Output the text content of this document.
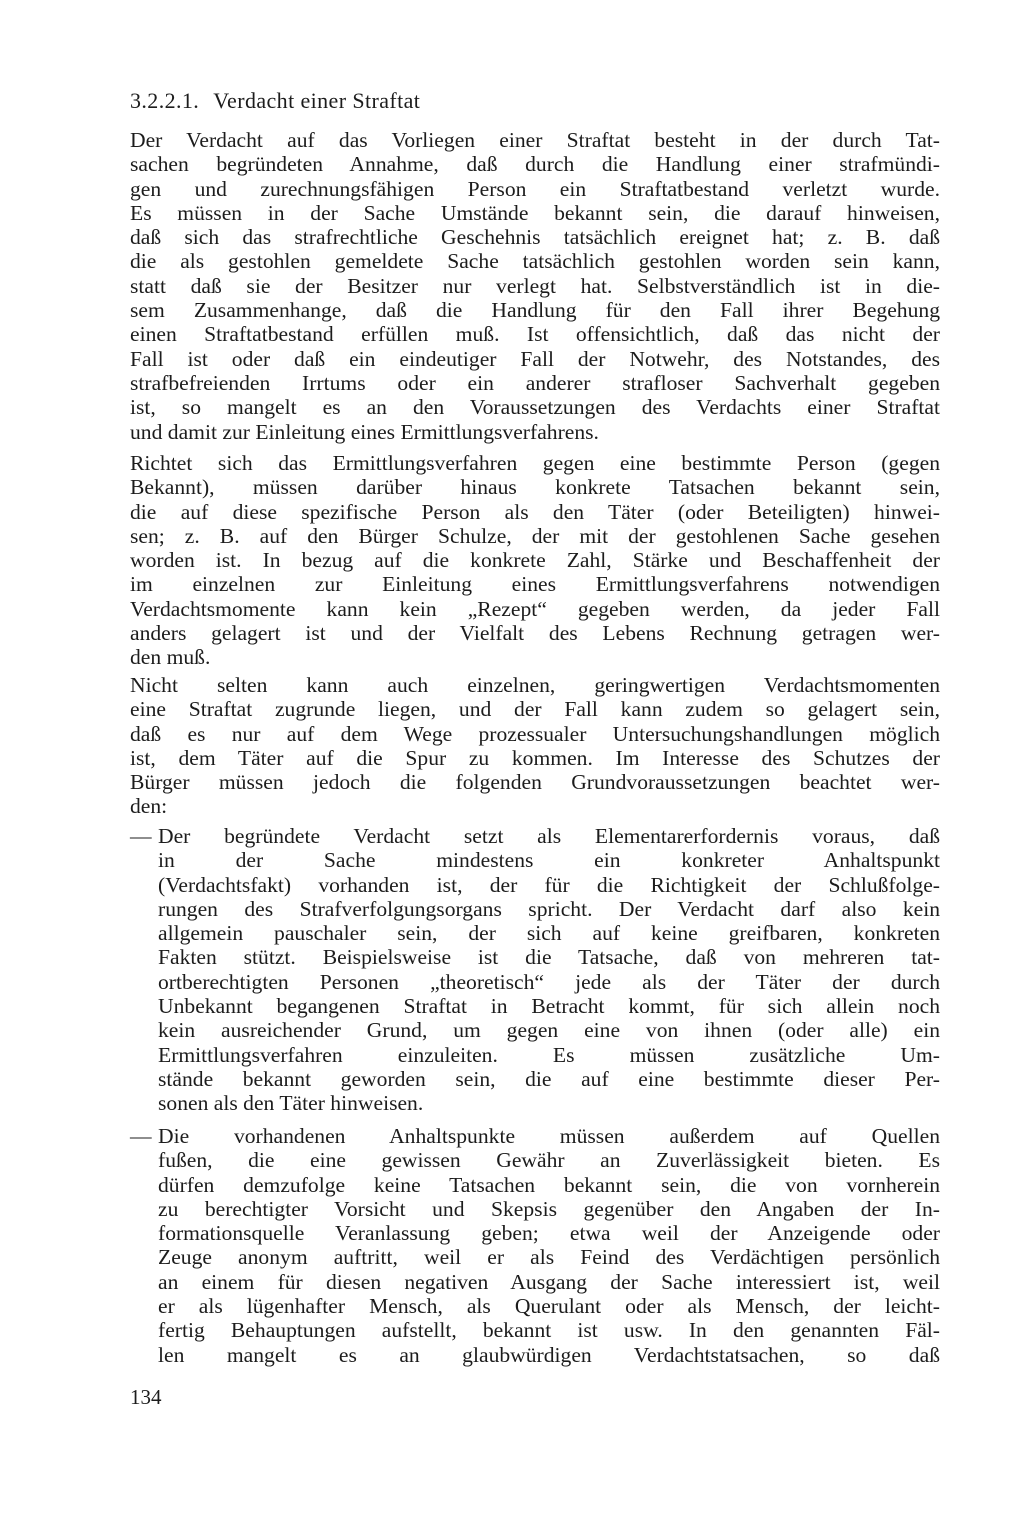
3.2.2.1. Verdacht einer Straftat
Der Verdacht auf das Vorliegen einer Straftat besteht in der durch Tat-
sachen begründeten Annahme, daß durch die Handlung einer strafmündi-
gen und zurechnungsfähigen Person ein Straftatbestand verletzt wurde.
Es müssen in der Sache Umstände bekannt sein, die darauf hinweisen,
daß sich das strafrechtliche Geschehnis tatsächlich ereignet hat; z. B. daß
die als gestohlen gemeldete Sache tatsächlich gestohlen worden sein kann,
statt daß sie der Besitzer nur verlegt hat. Selbstverständlich ist in die-
sem Zusammenhange, daß die Handlung für den Fall ihrer Begehung
einen Straftatbestand erfüllen muß. Ist offensichtlich, daß das nicht der
Fall ist oder daß ein eindeutiger Fall der Notwehr, des Notstandes, des
strafbefreienden Irrtums oder ein anderer strafloser Sachverhalt gegeben
ist, so mangelt es an den Voraussetzungen des Verdachts einer Straftat
und damit zur Einleitung eines Ermittlungsverfahrens.
Richtet sich das Ermittlungsverfahren gegen eine bestimmte Person (gegen
Bekannt), müssen darüber hinaus konkrete Tatsachen bekannt sein,
die auf diese spezifische Person als den Täter (oder Beteiligten) hinwei-
sen; z. B. auf den Bürger Schulze, der mit der gestohlenen Sache gesehen
worden ist. In bezug auf die konkrete Zahl, Stärke und Beschaffenheit der
im einzelnen zur Einleitung eines Ermittlungsverfahrens notwendigen
Verdachtsmomente kann kein „Rezept“ gegeben werden, da jeder Fall
anders gelagert ist und der Vielfalt des Lebens Rechnung getragen wer-
den muß.
Nicht selten kann auch einzelnen, geringwertigen Verdachtsmomenten
eine Straftat zugrunde liegen, und der Fall kann zudem so gelagert sein,
daß es nur auf dem Wege prozessualer Untersuchungshandlungen möglich
ist, dem Täter auf die Spur zu kommen. Im Interesse des Schutzes der
Bürger müssen jedoch die folgenden Grundvoraussetzungen beachtet wer-
den:
— Der begründete Verdacht setzt als Elementarerfordernis voraus, daß
in der Sache mindestens ein konkreter Anhaltspunkt
(Verdachtsfakt) vorhanden ist, der für die Richtigkeit der Schlußfolge-
rungen des Strafverfolgungsorgans spricht. Der Verdacht darf also kein
allgemein pauschaler sein, der sich auf keine greifbaren, konkreten
Fakten stützt. Beispielsweise ist die Tatsache, daß von mehreren tat-
ortberechtigten Personen „theoretisch“ jede als der Täter der durch
Unbekannt begangenen Straftat in Betracht kommt, für sich allein noch
kein ausreichender Grund, um gegen eine von ihnen (oder alle) ein
Ermittlungsverfahren einzuleiten. Es müssen zusätzliche Um-
stände bekannt geworden sein, die auf eine bestimmte dieser Per-
sonen als den Täter hinweisen.
— Die vorhandenen Anhaltspunkte müssen außerdem auf Quellen
fußen, die eine gewissen Gewähr an Zuverlässigkeit bieten. Es
dürfen demzufolge keine Tatsachen bekannt sein, die von vornherein
zu berechtigter Vorsicht und Skepsis gegenüber den Angaben der In-
formationsquelle Veranlassung geben; etwa weil der Anzeigende oder
Zeuge anonym auftritt, weil er als Feind des Verdächtigen persönlich
an einem für diesen negativen Ausgang der Sache interessiert ist, weil
er als lügenhafter Mensch, als Querulant oder als Mensch, der leicht-
fertig Behauptungen aufstellt, bekannt ist usw. In den genannten Fäl-
len mangelt es an glaubwürdigen Verdachtstatsachen, so daß
134
